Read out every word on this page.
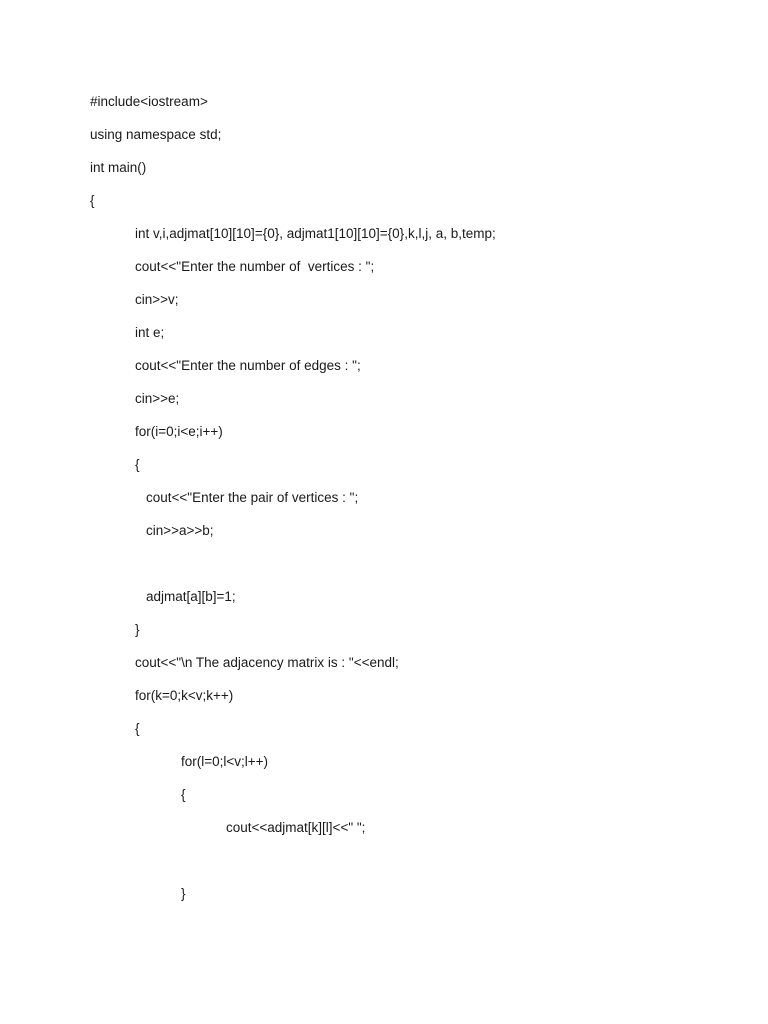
#include<iostream>

using namespace std;

int main()

{

int v,i,adjmat[10][10]={0}, adjmat1[10][10]={0},k,l,j, a, b,temp;

cout<<"Enter the number of  vertices : ";

cin>>v;

int e;

cout<<"Enter the number of edges : ";

cin>>e;

for(i=0;i<e;i++)

{

cout<<"Enter the pair of vertices : ";

cin>>a>>b;

adjmat[a][b]=1;

}

cout<<"\n The adjacency matrix is : "<<endl;

for(k=0;k<v;k++)

{

for(l=0;l<v;l++)

{

cout<<adjmat[k][l]<<" ";

}
